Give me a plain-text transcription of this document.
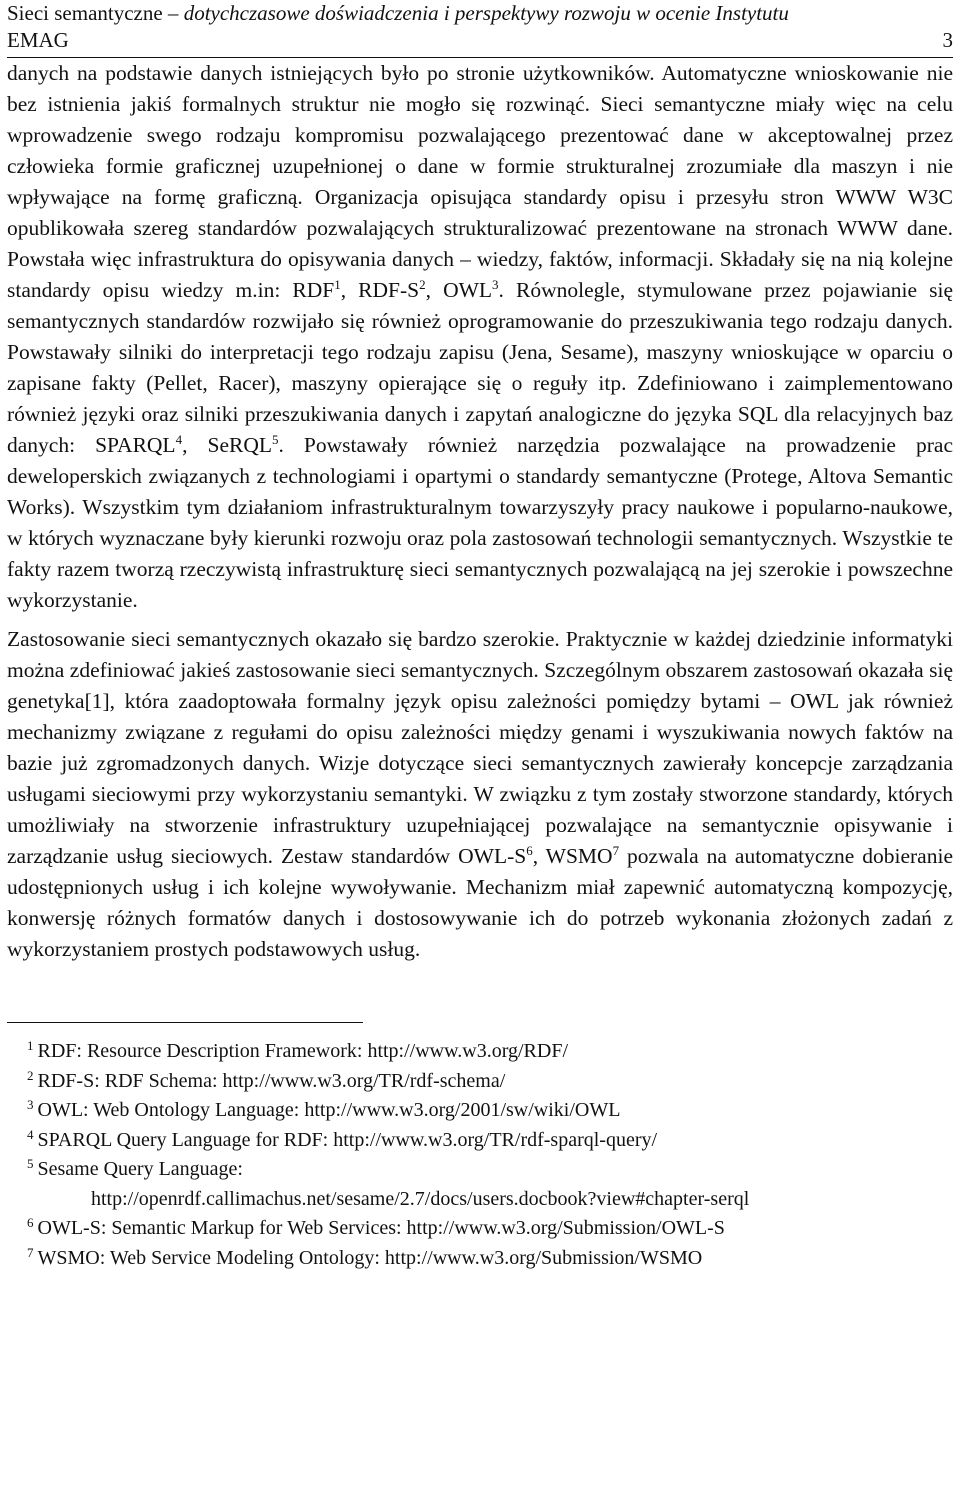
Sieci semantyczne – dotychczasowe doświadczenia i perspektywy rozwoju w ocenie Instytutu
EMAG	3

danych na podstawie danych istniejących było po stronie użytkowników. Automatyczne wnioskowanie nie bez istnienia jakiś formalnych struktur nie mogło się rozwinąć. Sieci semantyczne miały więc na celu wprowadzenie swego rodzaju kompromisu pozwalającego prezentować dane w akceptowalnej przez człowieka formie graficznej uzupełnionej o dane w formie strukturalnej zrozumiałe dla maszyn i nie wpływające na formę graficzną. Organizacja opisująca standardy opisu i przesyłu stron WWW W3C opublikowała szereg standardów pozwalających strukturalizować prezentowane na stronach WWW dane. Powstała więc infrastruktura do opisywania danych – wiedzy, faktów, informacji. Składały się na nią kolejne standardy opisu wiedzy m.in: RDF$^1$, RDF-$S^2$, OWL$^3$. Równolegle, stymulowane przez pojawianie się semantycznych standardów rozwijało się również oprogramowanie do przeszukiwania tego rodzaju danych. Powstawały silniki do interpretacji tego rodzaju zapisu (Jena, Sesame), maszyny wnioskujące w oparciu o zapisane fakty (Pellet, Racer), maszyny opierające się o reguły itp. Zdefiniowano i zaimplementowano również języki oraz silniki przeszukiwania danych i zapytań analogiczne do języka SQL dla relacyjnych baz danych: SPARQL$^4$, SeRQL$^5$. Powstawały również narzędzia pozwalające na prowadzenie prac deweloperskich związanych z technologiami i opartymi o standardy semantyczne (Protege, Altova Semantic Works). Wszystkim tym działaniom infrastrukturalnym towarzyszyły pracy naukowe i popularno-naukowe, w których wyznaczane były kierunki rozwoju oraz pola zastosowań technologii semantycznych. Wszystkie te fakty razem tworzą rzeczywistą infrastrukturę sieci semantycznych pozwalającą na jej szerokie i powszechne wykorzystanie.

Zastosowanie sieci semantycznych okazało się bardzo szerokie. Praktycznie w każdej dziedzinie informatyki można zdefiniować jakieś zastosowanie sieci semantycznych. Szczególnym obszarem zastosowań okazała się genetyka[1], która zaadoptowała formalny język opisu zależności pomiędzy bytami – OWL jak również mechanizmy związane z regułami do opisu zależności między genami i wyszukiwania nowych faktów na bazie już zgromadzonych danych. Wizje dotyczące sieci semantycznych zawierały koncepcje zarządzania usługami sieciowymi przy wykorzystaniu semantyki. W związku z tym zostały stworzone standardy, których umożliwiały na stworzenie infrastruktury uzupełniającej pozwalające na semantycznie opisywanie i zarządzanie usług sieciowych. Zestaw standardów OWL-$S^6$, WSMO$^7$ pozwala na automatyczne dobieranie udostępnionych usług i ich kolejne wywoływanie. Mechanizm miał zapewnić automatyczną kompozycję, konwersję różnych formatów danych i dostosowywanie ich do potrzeb wykonania złożonych zadań z wykorzystaniem prostych podstawowych usług.

$^1$ RDF: Resource Description Framework: http://www.w3.org/RDF/
$^2$ RDF-S: RDF Schema: http://www.w3.org/TR/rdf-schema/
$^3$ OWL: Web Ontology Language: http://www.w3.org/2001/sw/wiki/OWL
$^4$ SPARQL Query Language for RDF: http://www.w3.org/TR/rdf-sparql-query/
$^5$ Sesame Query Language:
http://openrdf.callimachus.net/sesame/2.7/docs/users.docbook?view#chapter-serql
$^6$ OWL-S: Semantic Markup for Web Services: http://www.w3.org/Submission/OWL-S
$^7$ WSMO: Web Service Modeling Ontology: http://www.w3.org/Submission/WSMO
